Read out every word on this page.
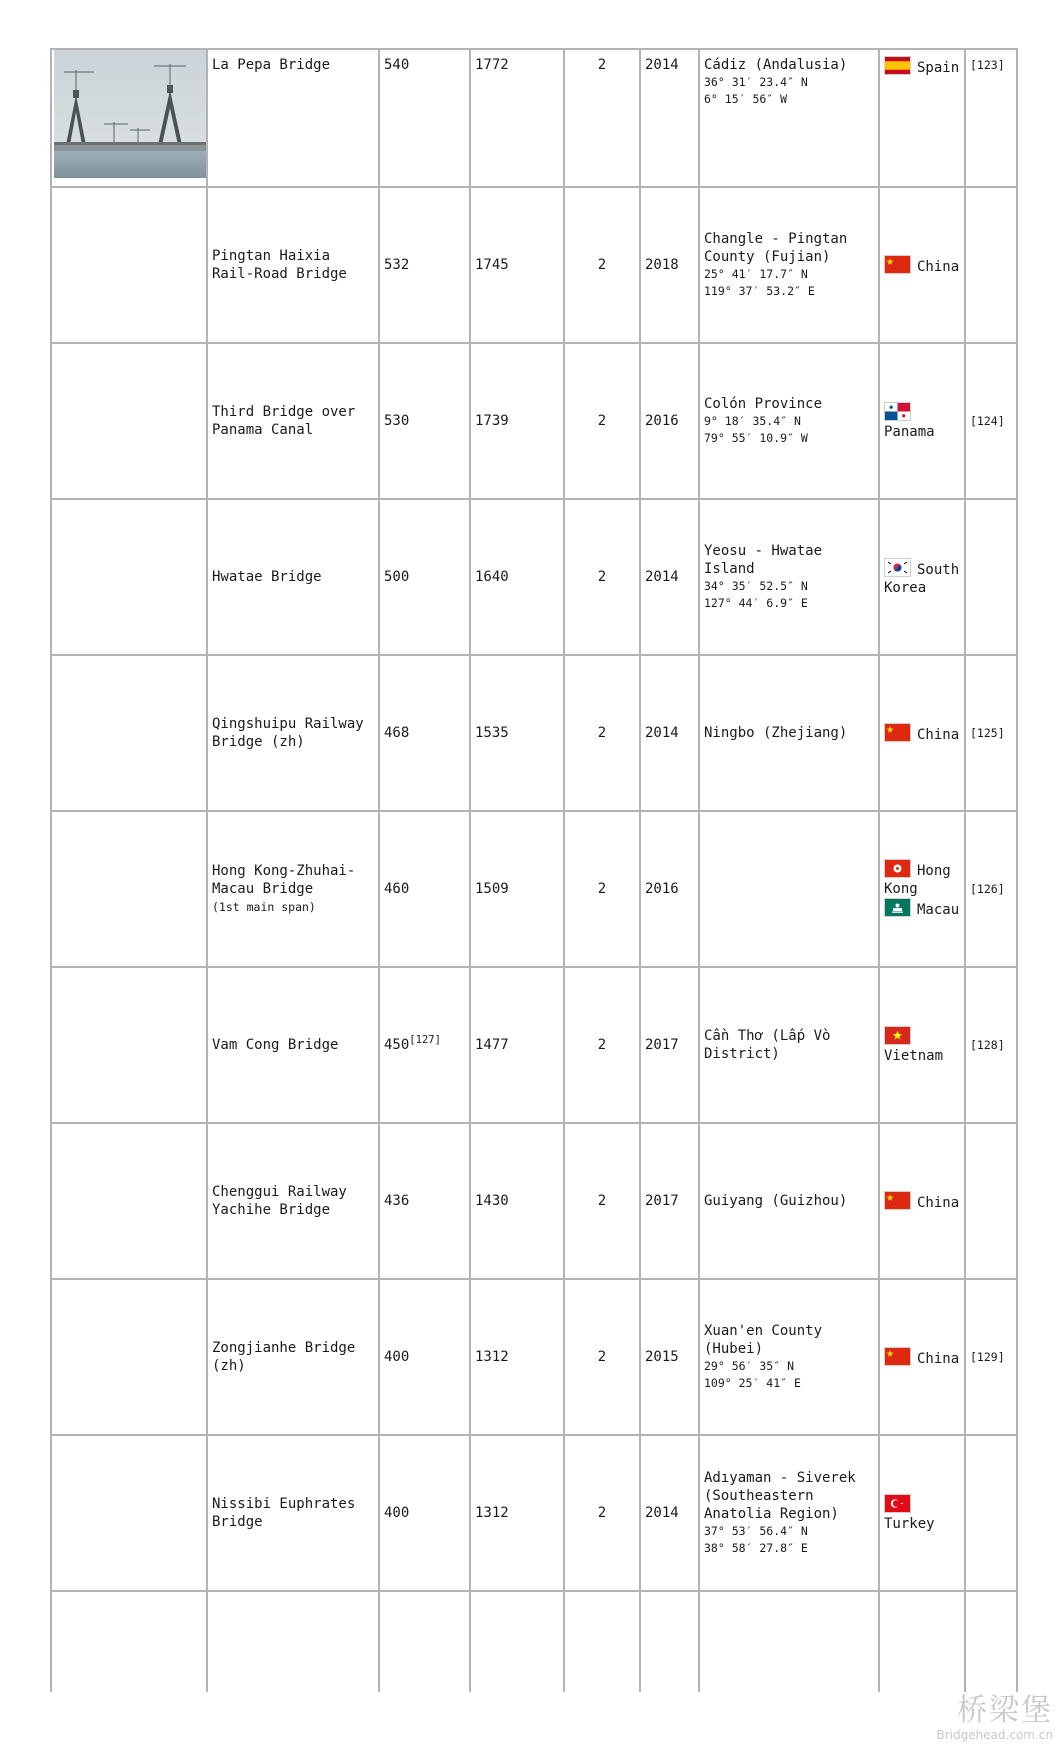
	La Pepa Bridge	540	1772	2	2014	Cádiz (Andalusia)
36° 31′ 23.4″ N
6° 15′ 56″ W	Spain	[123]
	Pingtan Haixia Rail-Road Bridge	532	1745	2	2018	Changle - Pingtan County (Fujian)
25° 41′ 17.7″ N
119° 37′ 53.2″ E	China	

	Third Bridge over Panama Canal	530	1739	2	2016	Colón Province
9° 18′ 35.4″ N
79° 55′ 10.9″ W	Panama	[124]
	Hwatae Bridge	500	1640	2	2014	Yeosu - Hwatae Island
34° 35′ 52.5″ N
127° 44′ 6.9″ E	South Korea	

	Qingshuipu Railway Bridge (zh)	468	1535	2	2014	Ningbo (Zhejiang)	China	[125]
	Hong Kong-Zhuhai-Macau Bridge
(1st main span)	460	1509	2	2016		Hong Kong
Macau	[126]
	Vam Cong Bridge	450[127]	1477	2	2017	Cần Thơ (Lấp Vò District)	Vietnam	[128]
	Chenggui Railway Yachihe Bridge	436	1430	2	2017	Guiyang (Guizhou)	China	

	Zongjianhe Bridge (zh)	400	1312	2	2015	Xuan'en County (Hubei)
29° 56′ 35″ N
109° 25′ 41″ E	China	[129]
	Nissibi Euphrates Bridge	400	1312	2	2014	Adıyaman - Siverek (Southeastern Anatolia Region)
37° 53′ 56.4″ N
38° 58′ 27.8″ E	Turkey	

桥梁堡
Bridgehead.com.cn
